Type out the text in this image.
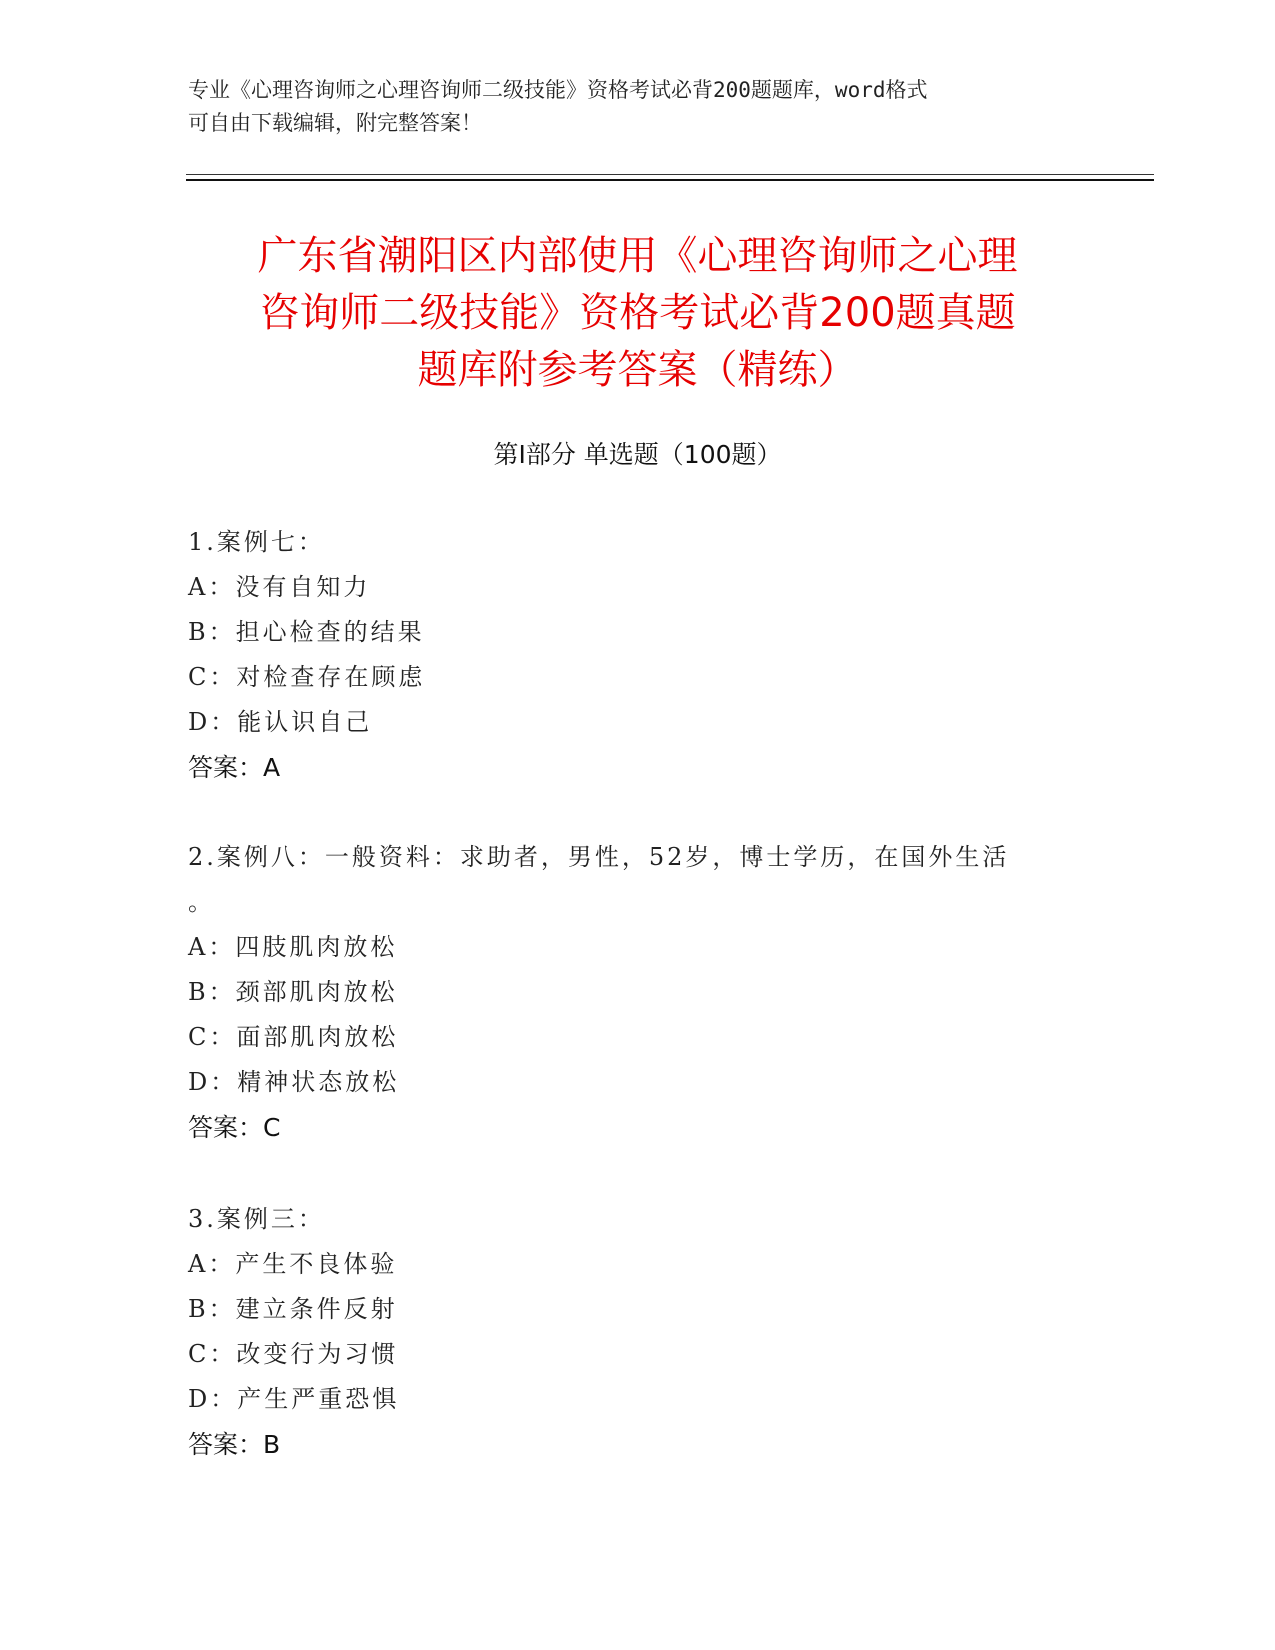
专业《心理咨询师之心理咨询师二级技能》资格考试必背200题题库，word格式
可自由下载编辑，附完整答案！
广东省潮阳区内部使用《心理咨询师之心理
咨询师二级技能》资格考试必背200题真题
题库附参考答案（精练）
第Ⅰ部分 单选题（100题）
1.案例七：
A：没有自知力
B：担心检查的结果
C：对检查存在顾虑
D：能认识自己
答案：A
2.案例八：一般资料：求助者，男性，52岁，博士学历，在国外生活
。
A：四肢肌肉放松
B：颈部肌肉放松
C：面部肌肉放松
D：精神状态放松
答案：C
3.案例三：
A：产生不良体验
B：建立条件反射
C：改变行为习惯
D：产生严重恐惧
答案：B
